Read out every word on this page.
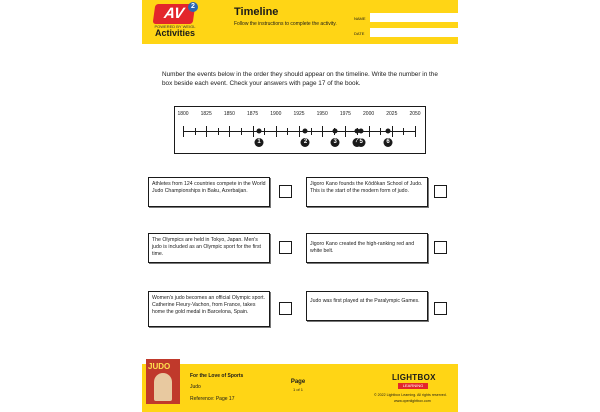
AV 2
POWERED BY WEIGL
Activities
Timeline
Follow the instructions to complete the activity.
NAME
DATE
Number the events below in the order they should appear on the timeline. Write the number in the box beside each event. Check your answers with page 17 of the book.
1800 1825 1850 1875 1900 1925 1950 1975 2000 2025 2050
1	2	3	5	6
Athletes from 124 countries compete in the World Judo Championships in Baku, Azerbaijan.
Jigoro Kano founds the Kōdōkan School of Judo. This is the start of the modern form of judo.
The Olympics are held in Tokyo, Japan. Men's judo is included as an Olympic sport for the first time.
Jigoro Kano created the high-ranking red and white belt.
Women's judo becomes an official Olympic sport. Catherine Fleury-Vachon, from France, takes home the gold medal in Barcelona, Spain.
Judo was first played at the Paralympic Games.
JUDO
For the Love of Sports
Judo
Reference: Page 17
Page
1 of 1
LIGHTBOX
LEARNING
© 2022 Lightbox Learning. All rights reserved.
www.openlightbox.com
